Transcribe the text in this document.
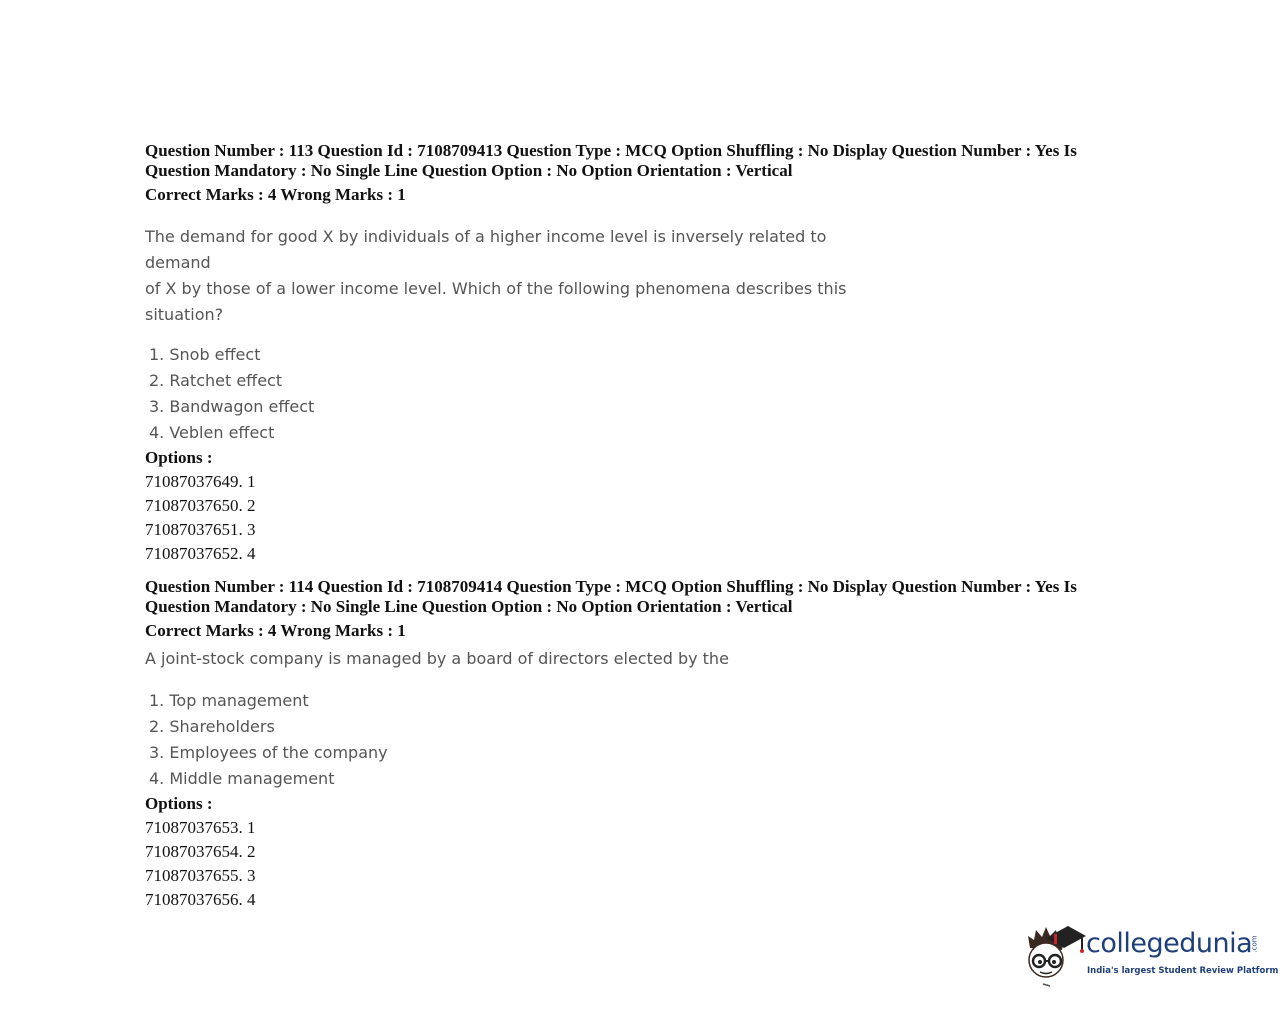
Question Number : 113 Question Id : 7108709413 Question Type : MCQ Option Shuffling : No Display Question Number : Yes Is
Question Mandatory : No Single Line Question Option : No Option Orientation : Vertical
Correct Marks : 4 Wrong Marks : 1
The demand for good X by individuals of a higher income level is inversely related to demand
of X by those of a lower income level. Which of the following phenomena describes this
situation?
1. Snob effect
2. Ratchet effect
3. Bandwagon effect
4. Veblen effect
Options :
71087037649. 1
71087037650. 2
71087037651. 3
71087037652. 4
Question Number : 114 Question Id : 7108709414 Question Type : MCQ Option Shuffling : No Display Question Number : Yes Is
Question Mandatory : No Single Line Question Option : No Option Orientation : Vertical
Correct Marks : 4 Wrong Marks : 1
A joint-stock company is managed by a board of directors elected by the
1. Top management
2. Shareholders
3. Employees of the company
4. Middle management
Options :
71087037653. 1
71087037654. 2
71087037655. 3
71087037656. 4
collegedunia
.com
India's largest Student Review Platform
